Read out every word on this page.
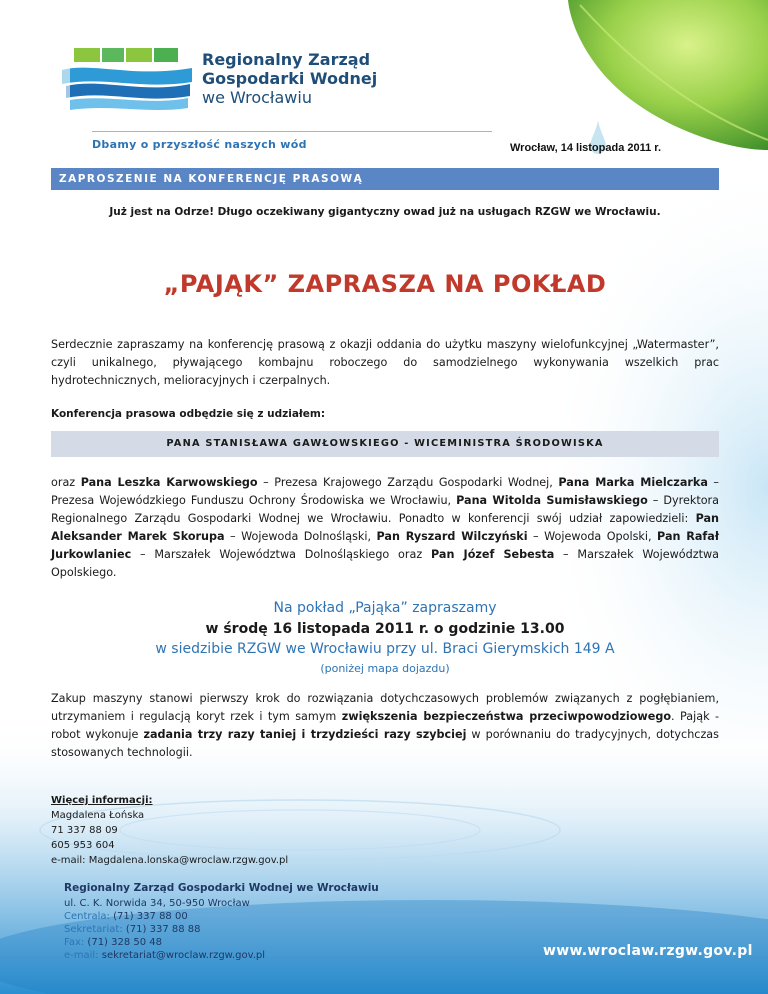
Regionalny Zarząd
Gospodarki Wodnej
we Wrocławiu
Dbamy o przyszłość naszych wód	Wrocław, 14 listopada 2011 r.
ZAPROSZENIE NA KONFERENCJĘ PRASOWĄ
Już jest na Odrze! Długo oczekiwany gigantyczny owad już na usługach RZGW we Wrocławiu.
„PAJĄK” ZAPRASZA NA POKŁAD
Serdecznie zapraszamy na konferencję prasową z okazji oddania do użytku maszyny wielofunkcyjnej „Watermaster”, czyli unikalnego, pływającego kombajnu roboczego do samodzielnego wykonywania wszelkich prac hydrotechnicznych, melioracyjnych i czerpalnych.
Konferencja prasowa odbędzie się z udziałem:
PANA STANISŁAWA GAWŁOWSKIEGO - WICEMINISTRA ŚRODOWISKA
oraz Pana Leszka Karwowskiego – Prezesa Krajowego Zarządu Gospodarki Wodnej, Pana Marka Mielczarka – Prezesa Wojewódzkiego Funduszu Ochrony Środowiska we Wrocławiu, Pana Witolda Sumisławskiego – Dyrektora Regionalnego Zarządu Gospodarki Wodnej we Wrocławiu. Ponadto w konferencji swój udział zapowiedzieli: Pan Aleksander Marek Skorupa – Wojewoda Dolnośląski, Pan Ryszard Wilczyński – Wojewoda Opolski, Pan Rafał Jurkowlaniec – Marszałek Województwa Dolnośląskiego oraz Pan Józef Sebesta – Marszałek Województwa Opolskiego.
Na pokład „Pająka” zapraszamy
w środę 16 listopada 2011 r. o godzinie 13.00
w siedzibie RZGW we Wrocławiu przy ul. Braci Gierymskich 149 A
(poniżej mapa dojazdu)
Zakup maszyny stanowi pierwszy krok do rozwiązania dotychczasowych problemów związanych z pogłębianiem, utrzymaniem i regulacją koryt rzek i tym samym zwiększenia bezpieczeństwa przeciwpowodziowego. Pająk - robot wykonuje zadania trzy razy taniej i trzydzieści razy szybciej w porównaniu do tradycyjnych, dotychczas stosowanych technologii.
Więcej informacji:
Magdalena Łońska
71 337 88 09
605 953 604
e-mail: Magdalena.lonska@wroclaw.rzgw.gov.pl
Regionalny Zarząd Gospodarki Wodnej we Wrocławiu
ul. C. K. Norwida 34, 50-950 Wrocław
Centrala: (71) 337 88 00
Sekretariat: (71) 337 88 88
Fax: (71) 328 50 48
e-mail: sekretariat@wroclaw.rzgw.gov.pl	www.wroclaw.rzgw.gov.pl
